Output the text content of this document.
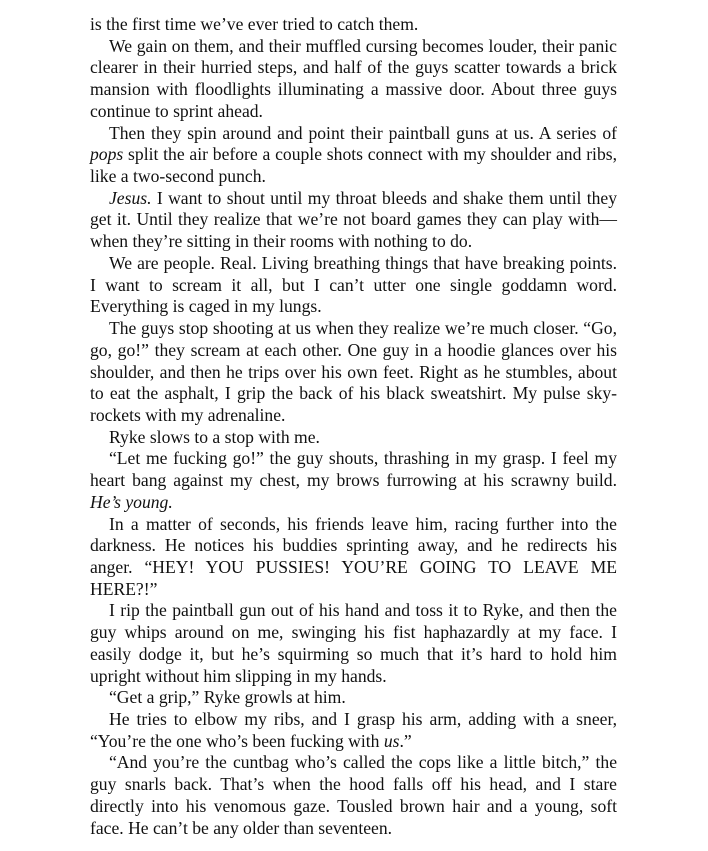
is the first time we’ve ever tried to catch them.

We gain on them, and their muffled cursing becomes louder, their panic clearer in their hurried steps, and half of the guys scatter towards a brick mansion with floodlights illuminating a massive door. About three guys continue to sprint ahead.

Then they spin around and point their paintball guns at us. A series of pops split the air before a couple shots connect with my shoulder and ribs, like a two-second punch.

Jesus. I want to shout until my throat bleeds and shake them until they get it. Until they realize that we’re not board games they can play with—when they’re sitting in their rooms with nothing to do.

We are people. Real. Living breathing things that have breaking points. I want to scream it all, but I can’t utter one single goddamn word. Everything is caged in my lungs.

The guys stop shooting at us when they realize we’re much closer. “Go, go, go!” they scream at each other. One guy in a hoodie glances over his shoulder, and then he trips over his own feet. Right as he stumbles, about to eat the asphalt, I grip the back of his black sweatshirt. My pulse sky-rockets with my adrenaline.

Ryke slows to a stop with me.

“Let me fucking go!” the guy shouts, thrashing in my grasp. I feel my heart bang against my chest, my brows furrowing at his scrawny build. He’s young.

In a matter of seconds, his friends leave him, racing further into the darkness. He notices his buddies sprinting away, and he redirects his anger. “HEY! YOU PUSSIES! YOU’RE GOING TO LEAVE ME HERE?!”

I rip the paintball gun out of his hand and toss it to Ryke, and then the guy whips around on me, swinging his fist haphazardly at my face. I easily dodge it, but he’s squirming so much that it’s hard to hold him upright without him slipping in my hands.

“Get a grip,” Ryke growls at him.

He tries to elbow my ribs, and I grasp his arm, adding with a sneer, “You’re the one who’s been fucking with us.”

“And you’re the cuntbag who’s called the cops like a little bitch,” the guy snarls back. That’s when the hood falls off his head, and I stare directly into his venomous gaze. Tousled brown hair and a young, soft face. He can’t be any older than seventeen.
